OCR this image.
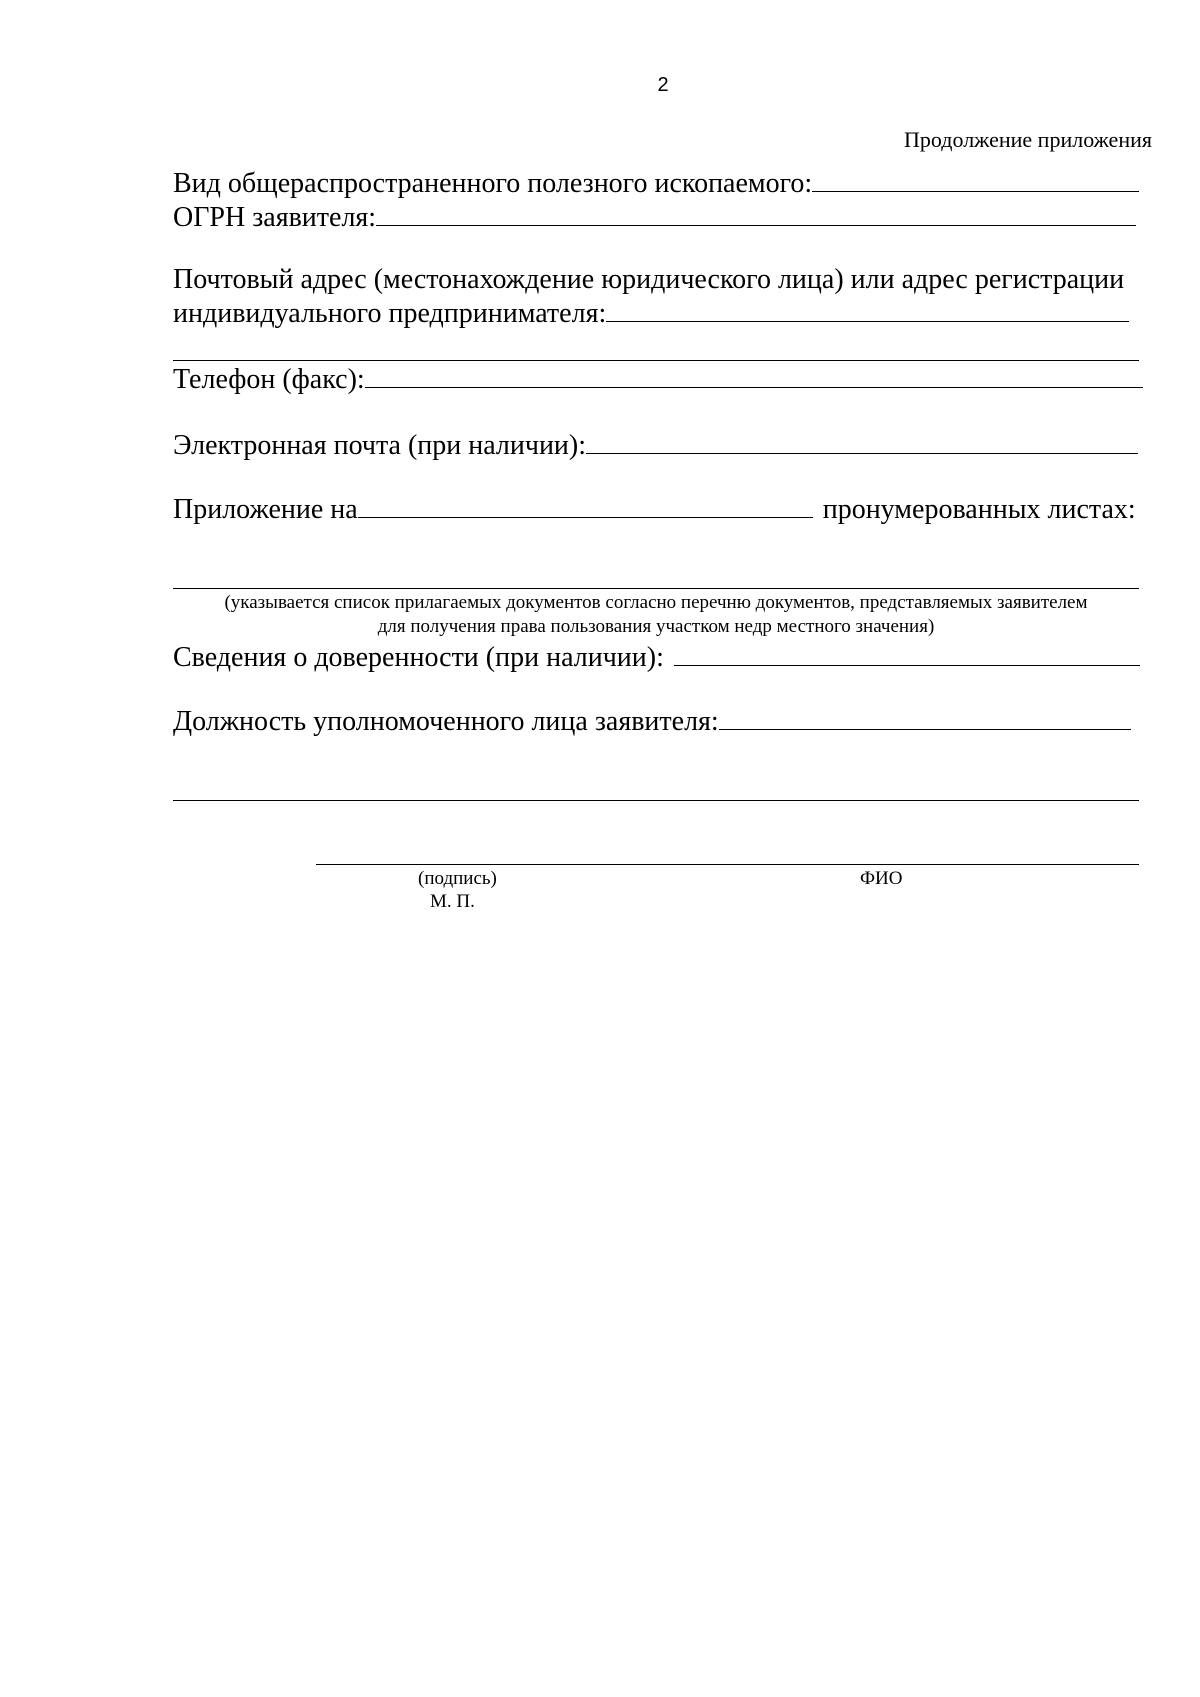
2
Продолжение приложения
Вид общераспространенного полезного ископаемого:
ОГРН заявителя:
Почтовый адрес (местонахождение юридического лица) или адрес регистрации
индивидуального предпринимателя:
Телефон (факс):
Электронная почта (при наличии):
Приложение на	пронумерованных листах:
(указывается список прилагаемых документов согласно перечню документов, представляемых заявителем
для получения права пользования участком недр местного значения)
Сведения о доверенности (при наличии):
Должность уполномоченного лица заявителя:
(подпись)
М. П.
ФИО
